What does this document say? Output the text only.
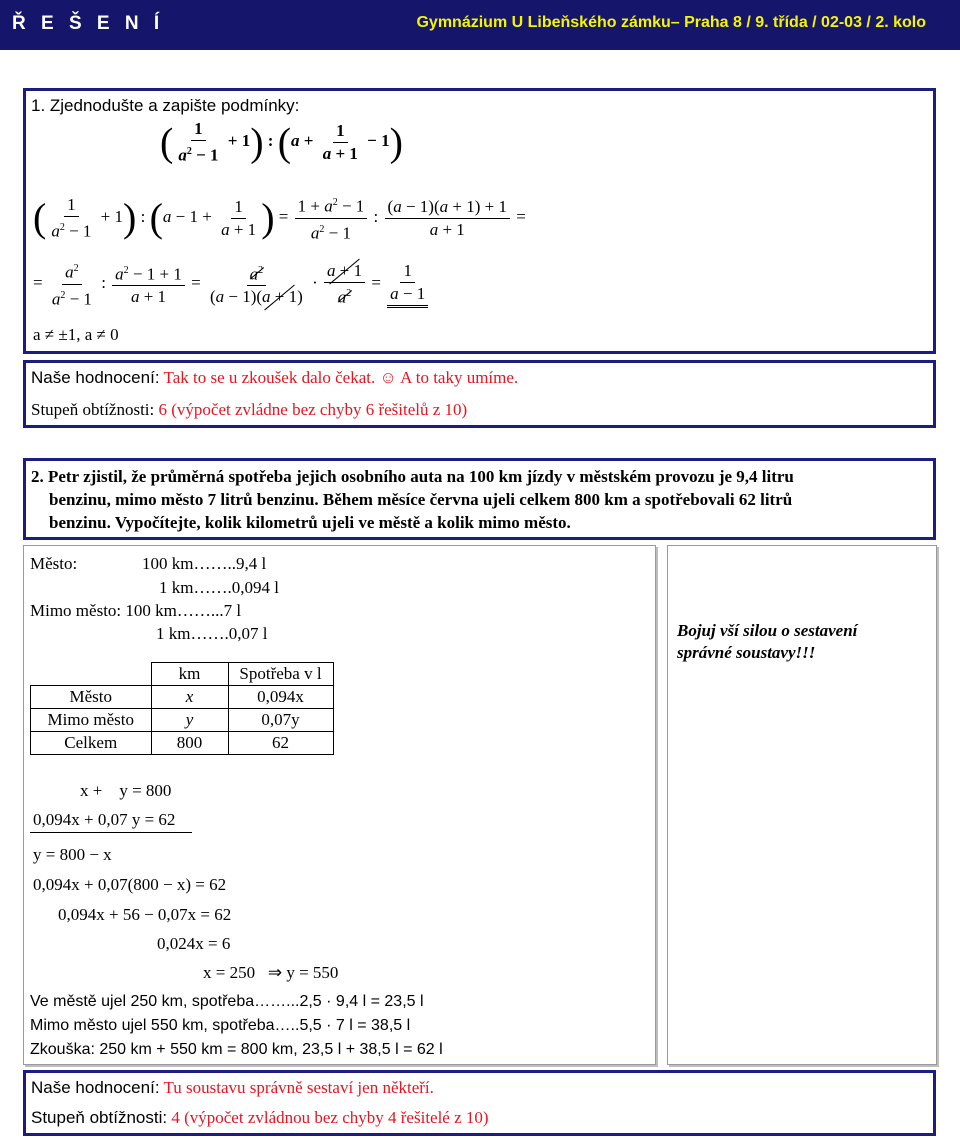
Ř E Š E N Í	Gymnázium U Libeňského zámku– Praha 8 / 9. třída / 02-03 / 2. kolo
1. Zjednodušte a zapište podmínky:
( $\frac{1}{a^2 - 1} + 1$) : $(a + \frac{1}{a + 1} - 1)$
( $\frac{1}{a^2 - 1} + 1$) : ($a - 1 + \frac{1}{a + 1}$ ) = $\frac{1 + a^2 - 1}{a^2 - 1}$ : $\frac{(a - 1)(a + 1) + 1}{a + 1}$ =
= $\frac{a^2}{a^2 - 1}$ : $\frac{a^2 - 1 + 1}{a + 1} = \frac{a^2}{(a - 1)(a + 1)} \cdot \frac{a + 1}{a^2} = \frac{1}{a - 1}$
a ≠ ±1, a ≠ 0
Naše hodnocení: Tak to se u zkoušek dalo čekat. ☺ A to taky umíme.
Stupeň obtížnosti: 6 (výpočet zvládne bez chyby 6 řešitelů z 10)
2. Petr zjistil, že průměrná spotřeba jejich osobního auta na 100 km jízdy v městském provozu je 9,4 litru
benzinu, mimo město 7 litrů benzinu. Během měsíce června ujeli celkem 800 km a spotřebovali 62 litrů
benzinu. Vypočítejte, kolik kilometrů ujeli ve městě a kolik mimo město.
Město:	100 km……..9,4 l
1 km…….0,094 l
Mimo město: 100 km……...7 l
1 km…….0,07 l
	km	Spotřeba v l
Město	x	0,094x
Mimo město	y	0,07y
Celkem	800	62
x +    y = 800
0,094x + 0,07 y = 62
y = 800 − x
0,094x + 0,07(800 − x) = 62
0,094x + 56 − 0,07x = 62
0,024x = 6
x = 250   ⇒ y = 550
Ve městě ujel 250 km, spotřeba……...2,5 · 9,4 l = 23,5 l
Mimo město ujel 550 km, spotřeba…..5,5 · 7 l = 38,5 l
Zkouška: 250 km + 550 km = 800 km, 23,5 l + 38,5 l = 62 l
Bojuj vší silou o sestavení správné soustavy!!!
Naše hodnocení: Tu soustavu správně sestaví jen někteří.
Stupeň obtížnosti: 4 (výpočet zvládnou bez chyby 4 řešitelé z 10)
